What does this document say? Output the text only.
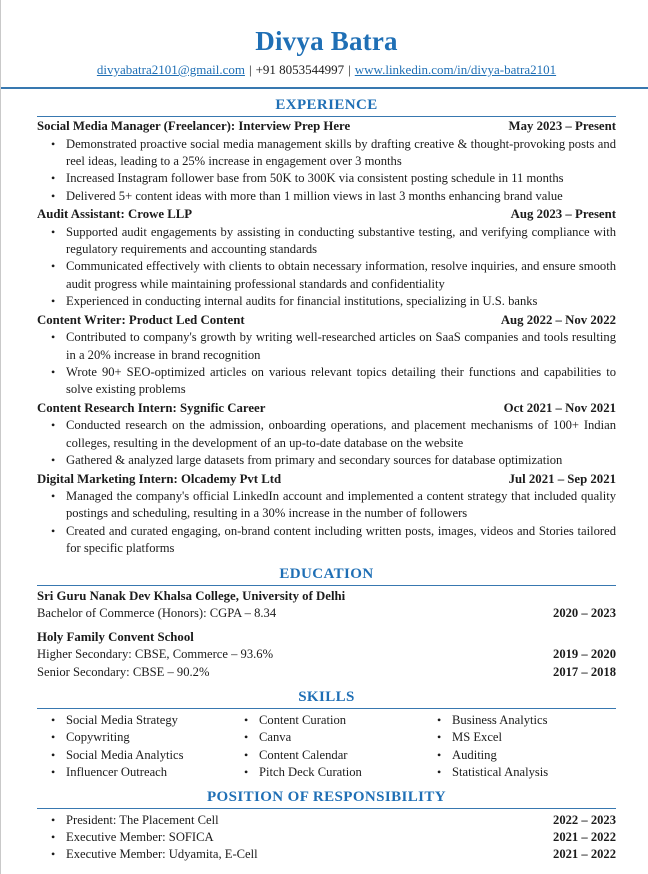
Divya Batra
divyabatra2101@gmail.com | +91 8053544997 | www.linkedin.com/in/divya-batra2101
EXPERIENCE
Social Media Manager (Freelancer): Interview Prep Here	May 2023 – Present
• Demonstrated proactive social media management skills by drafting creative & thought-provoking posts and reel ideas, leading to a 25% increase in engagement over 3 months
• Increased Instagram follower base from 50K to 300K via consistent posting schedule in 11 months
• Delivered 5+ content ideas with more than 1 million views in last 3 months enhancing brand value
Audit Assistant: Crowe LLP	Aug 2023 – Present
• Supported audit engagements by assisting in conducting substantive testing, and verifying compliance with regulatory requirements and accounting standards
• Communicated effectively with clients to obtain necessary information, resolve inquiries, and ensure smooth audit progress while maintaining professional standards and confidentiality
• Experienced in conducting internal audits for financial institutions, specializing in U.S. banks
Content Writer: Product Led Content	Aug 2022 – Nov 2022
• Contributed to company's growth by writing well-researched articles on SaaS companies and tools resulting in a 20% increase in brand recognition
• Wrote 90+ SEO-optimized articles on various relevant topics detailing their functions and capabilities to solve existing problems
Content Research Intern: Sygnific Career	Oct 2021 – Nov 2021
• Conducted research on the admission, onboarding operations, and placement mechanisms of 100+ Indian colleges, resulting in the development of an up-to-date database on the website
• Gathered & analyzed large datasets from primary and secondary sources for database optimization
Digital Marketing Intern: Olcademy Pvt Ltd	Jul 2021 – Sep 2021
• Managed the company's official LinkedIn account and implemented a content strategy that included quality postings and scheduling, resulting in a 30% increase in the number of followers
• Created and curated engaging, on-brand content including written posts, images, videos and Stories tailored for specific platforms
EDUCATION
Sri Guru Nanak Dev Khalsa College, University of Delhi
Bachelor of Commerce (Honors): CGPA – 8.34	2020 – 2023
Holy Family Convent School
Higher Secondary: CBSE, Commerce – 93.6%	2019 – 2020
Senior Secondary: CBSE – 90.2%	2017 – 2018
SKILLS
• Social Media Strategy
• Copywriting
• Social Media Analytics
• Influencer Outreach
• Content Curation
• Canva
• Content Calendar
• Pitch Deck Curation
• Business Analytics
• MS Excel
• Auditing
• Statistical Analysis
POSITION OF RESPONSIBILITY
• President: The Placement Cell	2022 – 2023
• Executive Member: SOFICA	2021 – 2022
• Executive Member: Udyamita, E-Cell	2021 – 2022
